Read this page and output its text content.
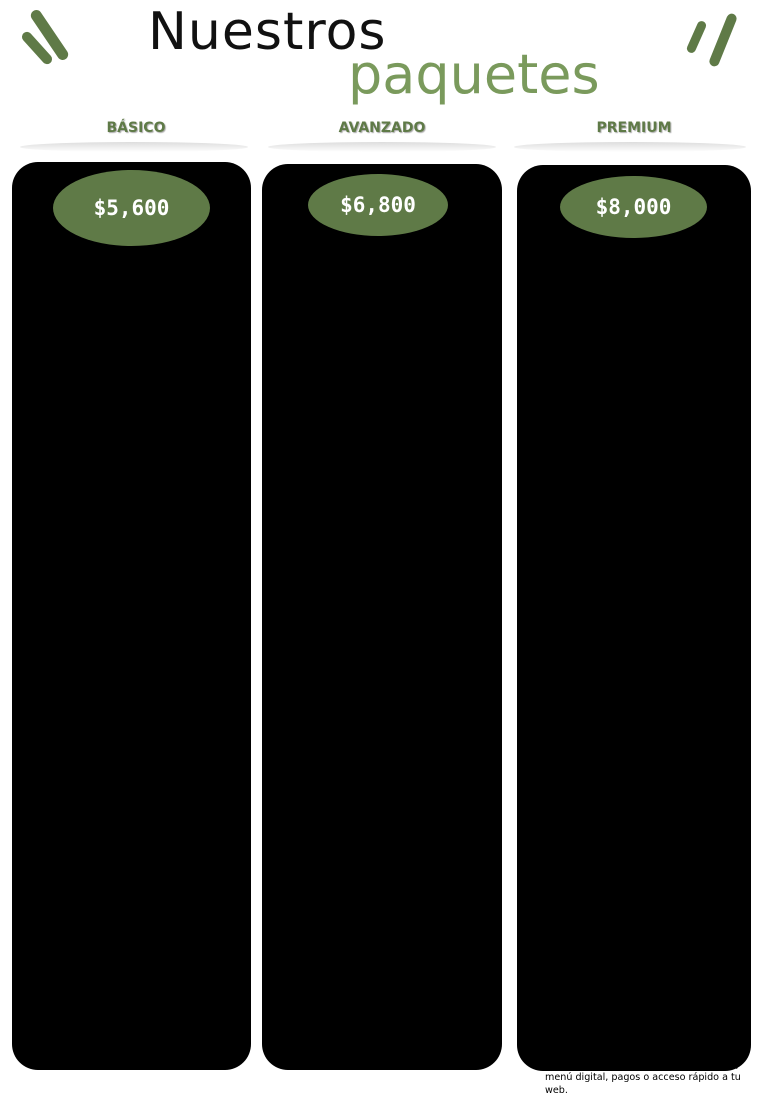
Nuestros
paquetes
BÁSICO	AVANZADO	PREMIUM
$5,600	$6,800	$8,000
Sitio web profesional y personalizado
• Adaptado a tu marca y objetivos.
• Compatible con todos los dispositivos (responsive).
Hasta 30 modificaciones mensuales
• Mantén tu web actualizada con cambios visuales, textos o secciones nuevas.
Hosting de alto rendimiento por 1 año
• Carga rápida, seguridad y disponibilidad garantizada.
Certificado SSL ilimitado
• Seguridad para ti y confianza para tus visitantes.
Dominio opcional personalizado*
• Refuerza tu marca con una dirección web propia.
Plantillas prediseñadas exclusivas
• Acelera tu lanzamiento con diseños atractivos y funcionales listos para adaptar.
Integración con redes sociales
• Enlaza tu sitio a Facebook, Instagram, WhatsApp y más para conectar con tu audiencia.
Geolocalización interactiva
• Muestra tu ubicación exacta en un mapa inteligente y navegable.
Diseño visual impactante
• Estilo moderno, profesional y enfocado en convertir visitantes en clientes.
Soporte 24/7
• Atención rápida y personalizada, siempre que la necesites.
1 Correo corporativo
• Da una imagen seria y confiable ej. [contacto@tudominio.com]
Administrador Caché
• Ideal para emprendedores, negocios locales y profesionales que quieren una web de alto impacto sin complicaciones.
Modificaciones mensuales incluidas
• 50 ajustes o actualizaciones por mes (Textos, imágenes, secciones nuevas o mejoras visuales)
1 Sitio Web Profesional
• Diseñado a la medida con enfoque en usabilidad, velocidad y experiencia del usuario, adaptable a cualquier dispositivo (responsive design).
Hosting Premium por 1 Año – GRATIS
• Incluye servidor seguro, rápido y con soporte técnico garantizado.
1 Correo corporativo
• Da una imagen seria y confiable ej. [contacto@tudominio.com]
Dominio opcional personalizado*
• Refuerza tu marca con una dirección web propia.
Certificado SSL Ilimitado*
• Seguridad en tu web 24/7. Incluido sin costo adicional. Tus usuarios lo notarán.
Plantillas Exclusivas y Personalizables*
• Acceso a diseños prediseñados optimizados para rendimiento y conversión. Cada plantilla puede personalizarse a tu estilo, rubro y necesidades.
Mapa de Geolocalización Integrado
• Ubica tu negocio de forma exacta en Google Maps desde tu sitio web.
Integración con tus Redes Sociales
• Conecta e impulsa tus perfiles sociales directamente desde tu sitio web.
Diseño Visual + Animaciones Profesionales
• Elementos visuales que dan vida a tu sitio sin recargarlo, mejorando la interacción y captando atención.
eCommerce Básico Integrado
• Vende productos o servicios online sin complicaciones. Incluye carrito, pasarela de pago y catálogo.

0% comisiones por transacción. (Lo que vendes, es 100% tuyo)

Soporte 24/7 Real
• Atención personalizada todos los días, a cualquier hora. ¡Siempre estamos para ti!
Administrador Caché
• Una solución *todo en uno* para quienes buscan una web potente, elegante y actualizable mes a mes. Ideal para emprendedores, negocios, profesionales y marcas personales.
70 Modificaciones Mensuales Incluidas
• Mantén tu sitio *vivo y actualizado*: textos, imágenes, secciones, productos o animaciones.

Sin límites de creatividad, siempre en evolución.

1 Sitio Web Profesional y Responsivo
• Diseñado para impactar visualmente, optimizado para móviles, tablets y computadoras.
• Rápido, intuitivo y pensado para convertir visitas en clientes.
Hosting Premium por 1 Año Incluido
• Alta velocidad, seguridad reforzada y estabilidad garantizada. Sin costos ocultos.
1 Correo corporativo
• Da una imagen seria y confiable ej. [contacto@tudominio.com]
Dominio Propio (Opcional)
• Te guiamos en la elección y configuración del dominio perfecto para tu marca.
Certificado SSL Ilimitado
• Seguridad 24/7 con cifrado HTTPS. Protege a tus visitantes y mejora tu posicionamiento en Google.
Plantillas Profesionales Prediseñadas y Adaptables
• Escoge entre múltiples diseños de alta calidad que personalizamos a tu estilo y necesidades.
Integración Total con Redes Sociales
• Enlazamos tus perfiles y añadimos botones de contacto directo con WhatsApp, Messenger, Instagram y más.
Geolocalización con Google Maps
• Tus clientes te encontrarán con facilidad gracias a un mapa interactivo integrado en tu web.
Diseño Visual Moderno + Animaciones Interactivas
• Sitios con estilo, movimiento y una experiencia de usuario fluida. Diseño que impacta y retiene.
Ancho de Banda Ilimitado
• Tu web sin restricciones de tráfico. Crece sin preocuparte por límites técnicos.
Soporte Prioritario 24/7
• Resolvemos tus dudas y necesidades con atención rápida, directa y personalizada.
eCommerce Estándar Integrado
• Vende productos o servicios con carrito de compra, pasarelas de pago y gestión básica de pedidos.
• 0% de comisiones por transacción.* Lo que vendes, es 100% tuyo.
Códigos QR Animados y Personalizados
• Te entregamos códigos QR dinámicos con animación visual para promociones, menú digital, pagos o acceso rápido a tu web.
